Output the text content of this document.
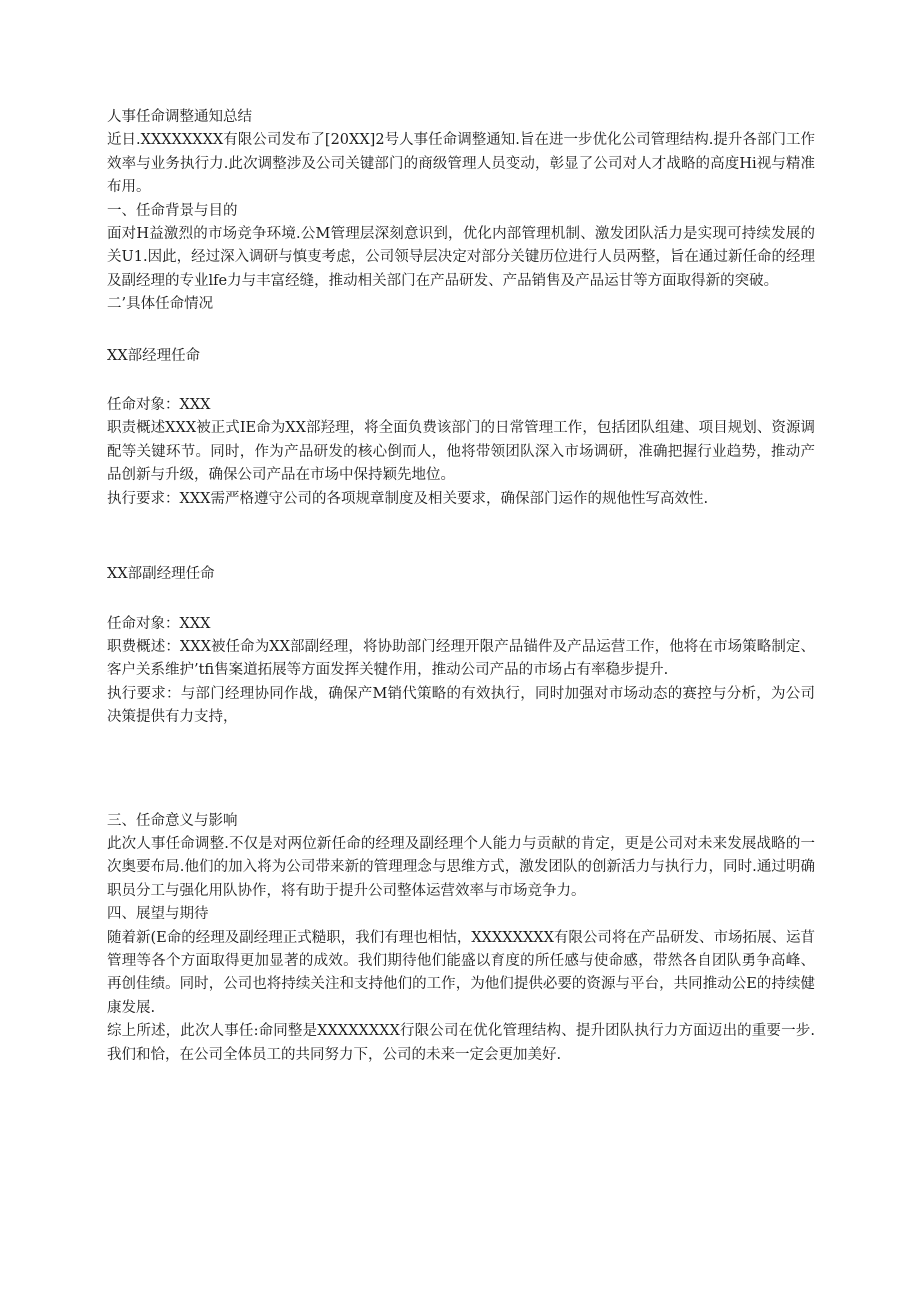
人事任命调整通知总结

近日.XXXXXXXX有限公司发布了[20XX]2号人事任命调整通知.旨在进一步优化公司管理结构.提升各部门工作效率与业务执行力.此次调整涉及公司关键部门的商级管理人员变动，彰显了公司对人才战略的高度Hi视与精准布用。

一、任命背景与目的

面对H益激烈的市场竞争环境.公M管理层深刻意识到，优化内部管理机制、激发团队活力是实现可持续发展的关U1.因此，经过深入调研与慎叓考虑，公司领导层决定对部分关键历位进行人员两整，旨在通过新任命的经理及副经理的专业lfe力与丰富经缝，推动相关部门在产品研发、产品销售及产品运甘等方面取得新的突破。

二’具体任命情况

XX部经理任命

任命对象：XXX

职责概述XXX被正式IE命为XX部羟理，将全面负费该部门的日常管理工作，包括团队组建、项目规划、资源调配等关键环节。同时，作为产品研发的核心倒而人，他将带领团队深入市场调研，准确把握行业趋势，推动产品创新与升级，确保公司产品在市场中保持颖先地位。

执行要求：XXX需严格遵守公司的各项规章制度及相关要求，确保部门运作的规他性写高效性.

XX部副经理任命

任命对象：XXX

职费概述：XXX被任命为XX部副经理，将协助部门经理开限产品锚件及产品运营工作，他将在市场策略制定、客户关系维护’tfi售案道拓展等方面发挥关犍作用，推动公司产品的市场占有率稳步提升.

执行要求：与部门经理协同作战，确保产M销代策略的有效执行，同时加强对市场动态的赛控与分析，为公司决策提供有力支持，

三、任命意义与影响

此次人事任命调整.不仅是对两位新任命的经理及副经理个人能力与贡献的肯定，更是公司对未来发展战略的一次奥要布局.他们的加入将为公司带来新的管理理念与思维方式，激发团队的创新活力与执行力，同时.通过明确职员分工与强化用队协作，将有助于提升公司整体运营效率与市场竞争力。

四、展望与期待

随着新(E命的经理及副经理正式糙职，我们有理也相怙，XXXXXXXX有限公司将在产品研发、市场拓展、运苜管理等各个方面取得更加显著的成效。我们期待他们能盛以育度的所任感与使命感，带然各自团队勇争高峰、再创佳绩。同时，公司也将持续关注和支持他们的工作，为他们提供必要的资源与平台，共同推动公E的持续健康发展.

综上所述，此次人事任:命同整是XXXXXXXX行限公司在优化管理结构、提升团队执行力方面迈出的重要一步.我们和恰，在公司全体员工的共同努力下，公司的未来一定会更加美好.
